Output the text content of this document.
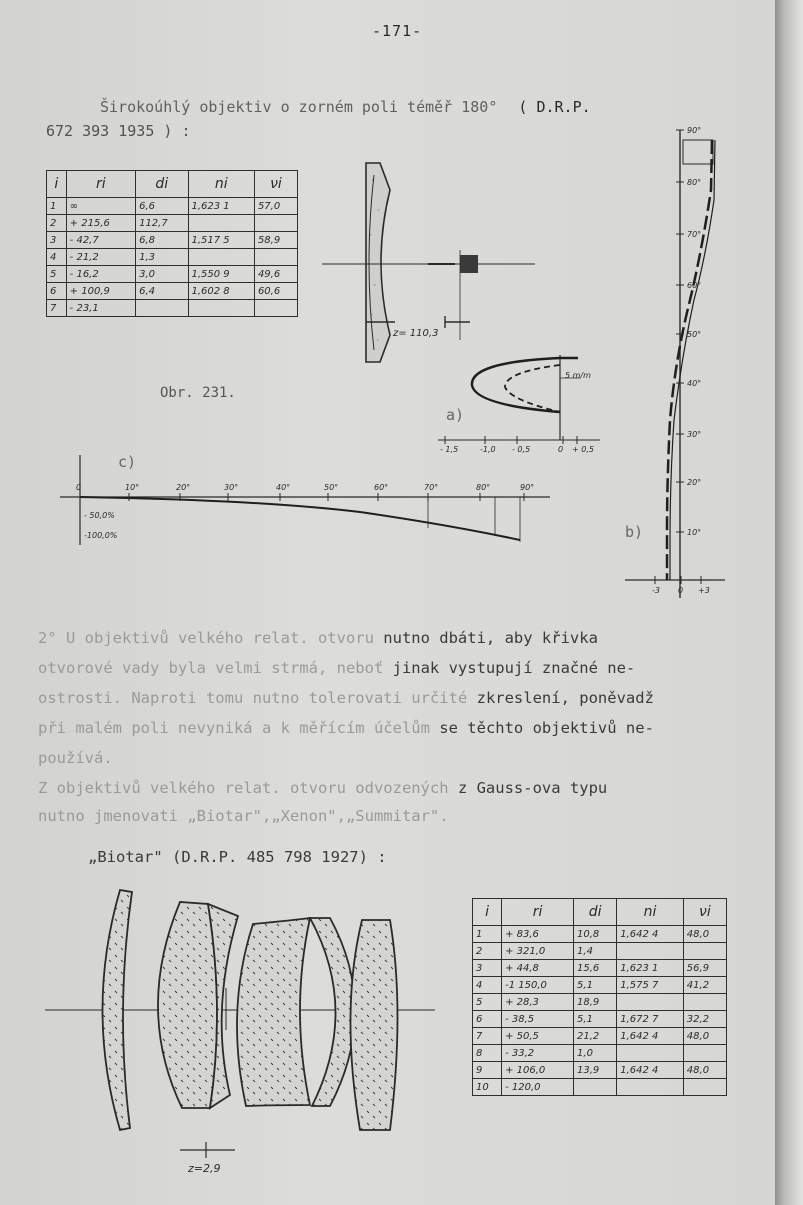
-171-
Širokoúhlý objektiv o zorném poli téměř 180° ( D.R.P.
672 393 1935 ) :
i	ri	di	ni	νi
1	∞	6,6	1,623 1	57,0
2	+ 215,6	112,7		
3	- 42,7	6,8	1,517 5	58,9
4	- 21,2	1,3		
5	- 16,2	3,0	1,550 9	49,6
6	+ 100,9	6,4	1,602 8	60,6
7	- 23,1			
´
´
´
´
´
´
z= 110,3
5 m/m
a)
- 1,5	-1,0 - 0,5	0 + 0,5
90°
80°
70°
60°
50°
40°
30°
20°
10°
-3 0 +3
b)
c)
0	10°	20°	30°	40°	50°	60°	70°	80°	90°
- 50,0%
-100,0%
Obr. 231.
2° U objektivů velkého relat. otvoru nutno dbáti, aby křivka
otvorové vady byla velmi strmá, neboť jinak vystupují značné ne-
ostrosti. Naproti tomu nutno tolerovati určité zkreslení, poněvadž
při malém poli nevyniká a k měřícím účelům se těchto objektivů ne-
používá.
Z objektivů velkého relat. otvoru odvozených z Gauss-ova typu
nutno jmenovati „Biotar",„Xenon",„Summitar".
„Biotar" (D.R.P. 485 798 1927) :
z=2,9
i	ri	di	ni	νi
1	+ 83,6	10,8	1,642 4	48,0
2	+ 321,0	1,4		
3	+ 44,8	15,6	1,623 1	56,9
4	-1 150,0	5,1	1,575 7	41,2
5	+ 28,3	18,9		
6	- 38,5	5,1	1,672 7	32,2
7	+ 50,5	21,2	1,642 4	48,0
8	- 33,2	1,0		
9	+ 106,0	13,9	1,642 4	48,0
10	- 120,0			
